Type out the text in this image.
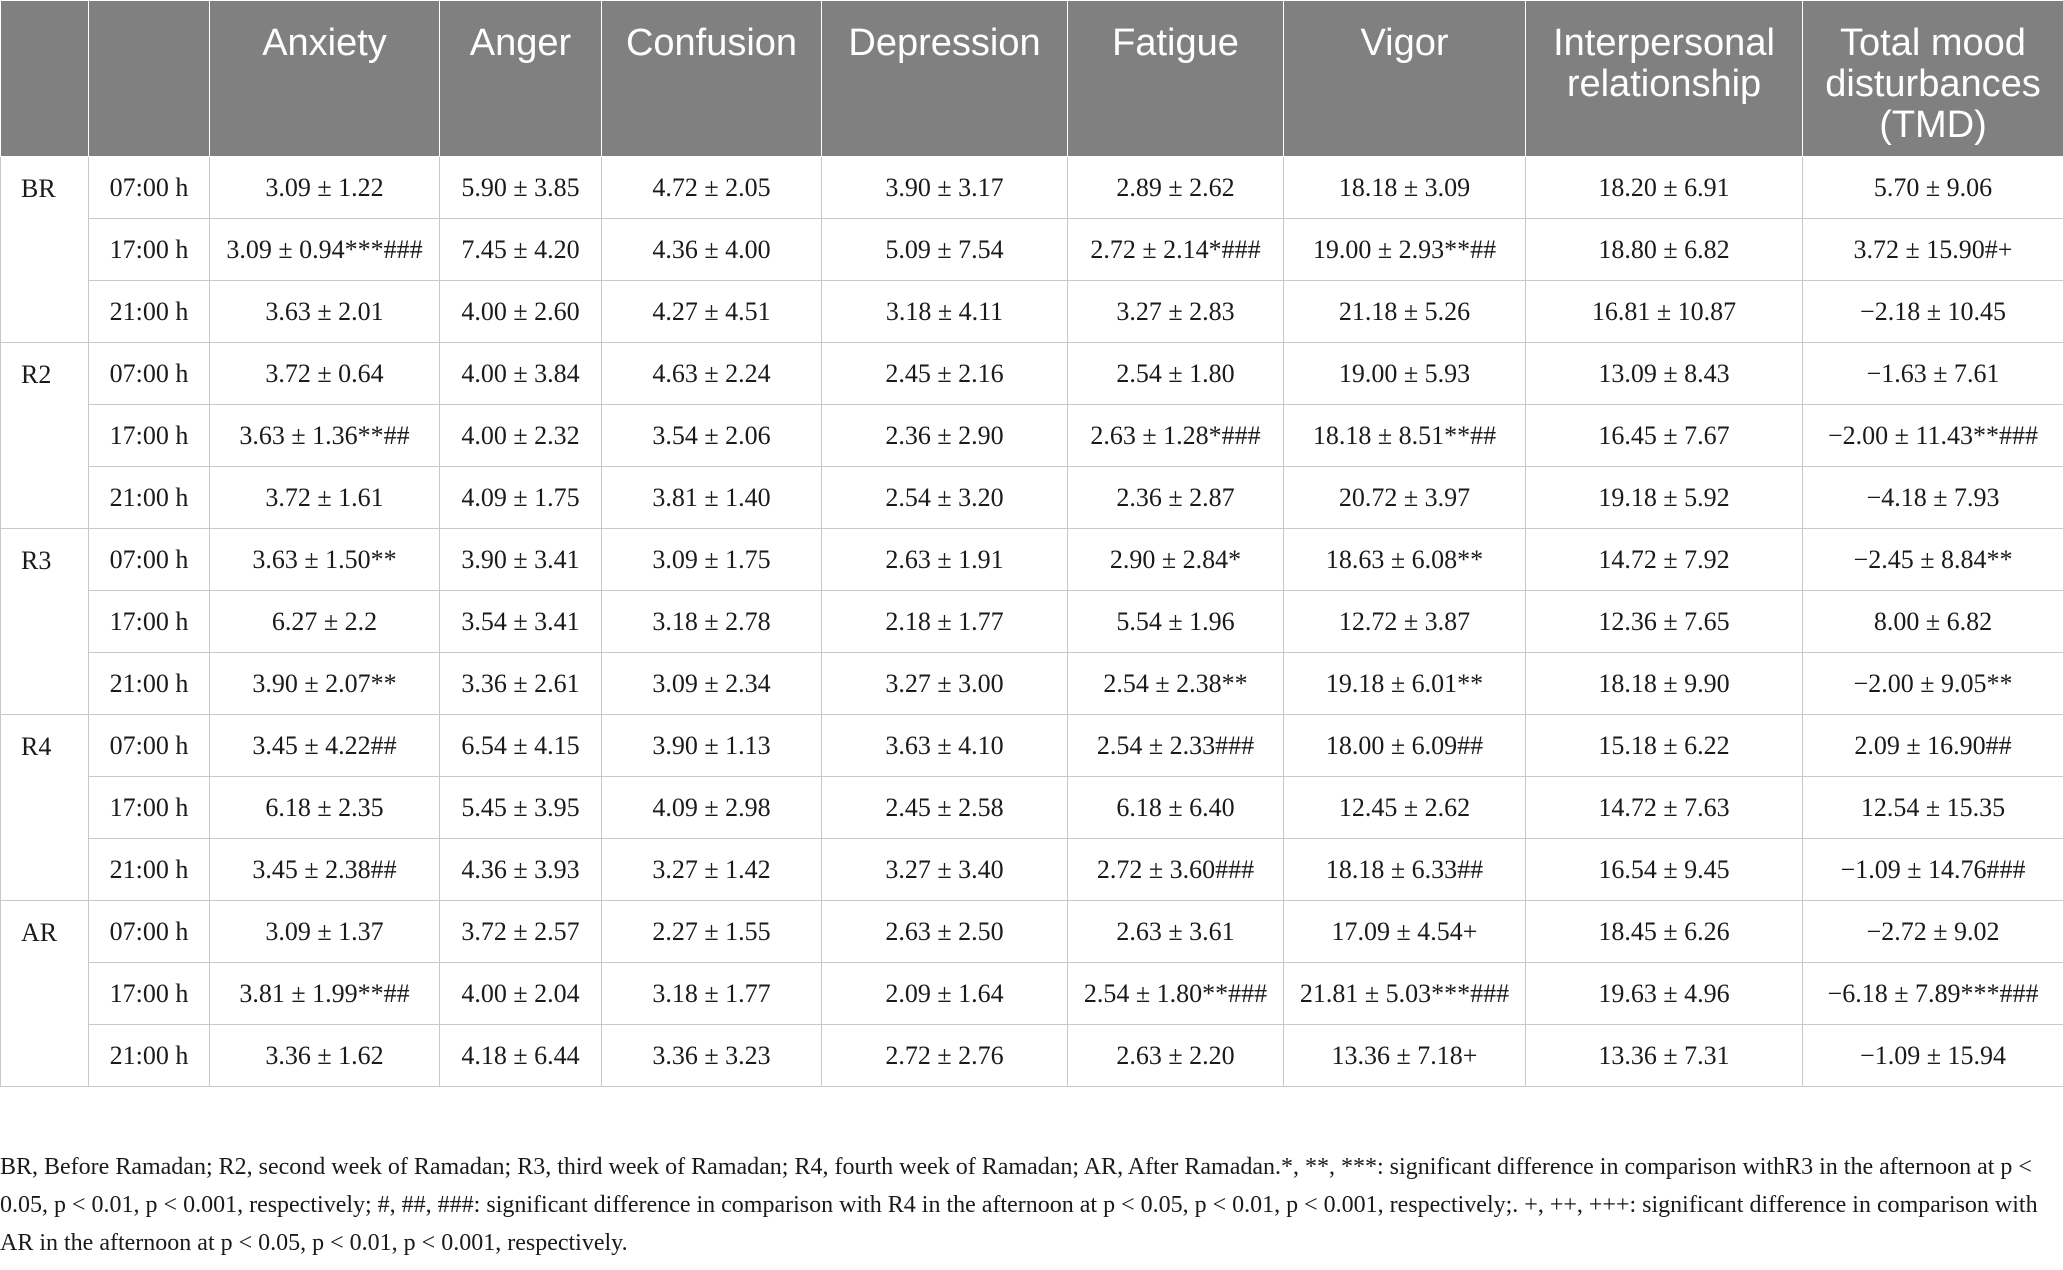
		Anxiety	Anger	Confusion	Depression	Fatigue	Vigor	Interpersonal relationship	Total mood disturbances (TMD)
BR	07:00 h	3.09 ± 1.22	5.90 ± 3.85	4.72 ± 2.05	3.90 ± 3.17	2.89 ± 2.62	18.18 ± 3.09	18.20 ± 6.91	5.70 ± 9.06
	17:00 h	3.09 ± 0.94***###	7.45 ± 4.20	4.36 ± 4.00	5.09 ± 7.54	2.72 ± 2.14*###	19.00 ± 2.93**##	18.80 ± 6.82	3.72 ± 15.90#+
	21:00 h	3.63 ± 2.01	4.00 ± 2.60	4.27 ± 4.51	3.18 ± 4.11	3.27 ± 2.83	21.18 ± 5.26	16.81 ± 10.87	−2.18 ± 10.45
R2	07:00 h	3.72 ± 0.64	4.00 ± 3.84	4.63 ± 2.24	2.45 ± 2.16	2.54 ± 1.80	19.00 ± 5.93	13.09 ± 8.43	−1.63 ± 7.61
	17:00 h	3.63 ± 1.36**##	4.00 ± 2.32	3.54 ± 2.06	2.36 ± 2.90	2.63 ± 1.28*###	18.18 ± 8.51**##	16.45 ± 7.67	−2.00 ± 11.43**###
	21:00 h	3.72 ± 1.61	4.09 ± 1.75	3.81 ± 1.40	2.54 ± 3.20	2.36 ± 2.87	20.72 ± 3.97	19.18 ± 5.92	−4.18 ± 7.93
R3	07:00 h	3.63 ± 1.50**	3.90 ± 3.41	3.09 ± 1.75	2.63 ± 1.91	2.90 ± 2.84*	18.63 ± 6.08**	14.72 ± 7.92	−2.45 ± 8.84**
	17:00 h	6.27 ± 2.2	3.54 ± 3.41	3.18 ± 2.78	2.18 ± 1.77	5.54 ± 1.96	12.72 ± 3.87	12.36 ± 7.65	8.00 ± 6.82
	21:00 h	3.90 ± 2.07**	3.36 ± 2.61	3.09 ± 2.34	3.27 ± 3.00	2.54 ± 2.38**	19.18 ± 6.01**	18.18 ± 9.90	−2.00 ± 9.05**
R4	07:00 h	3.45 ± 4.22##	6.54 ± 4.15	3.90 ± 1.13	3.63 ± 4.10	2.54 ± 2.33###	18.00 ± 6.09##	15.18 ± 6.22	2.09 ± 16.90##
	17:00 h	6.18 ± 2.35	5.45 ± 3.95	4.09 ± 2.98	2.45 ± 2.58	6.18 ± 6.40	12.45 ± 2.62	14.72 ± 7.63	12.54 ± 15.35
	21:00 h	3.45 ± 2.38##	4.36 ± 3.93	3.27 ± 1.42	3.27 ± 3.40	2.72 ± 3.60###	18.18 ± 6.33##	16.54 ± 9.45	−1.09 ± 14.76###
AR	07:00 h	3.09 ± 1.37	3.72 ± 2.57	2.27 ± 1.55	2.63 ± 2.50	2.63 ± 3.61	17.09 ± 4.54+	18.45 ± 6.26	−2.72 ± 9.02
	17:00 h	3.81 ± 1.99**##	4.00 ± 2.04	3.18 ± 1.77	2.09 ± 1.64	2.54 ± 1.80**###	21.81 ± 5.03***###	19.63 ± 4.96	−6.18 ± 7.89***###
	21:00 h	3.36 ± 1.62	4.18 ± 6.44	3.36 ± 3.23	2.72 ± 2.76	2.63 ± 2.20	13.36 ± 7.18+	13.36 ± 7.31	−1.09 ± 15.94
BR, Before Ramadan; R2, second week of Ramadan; R3, third week of Ramadan; R4, fourth week of Ramadan; AR, After Ramadan.*, **, ***: significant difference in comparison withR3 in the afternoon at p < 0.05, p < 0.01, p < 0.001, respectively; #, ##, ###: significant difference in comparison with R4 in the afternoon at p < 0.05, p < 0.01, p < 0.001, respectively;. +, ++, +++: significant difference in comparison with AR in the afternoon at p < 0.05, p < 0.01, p < 0.001, respectively.
